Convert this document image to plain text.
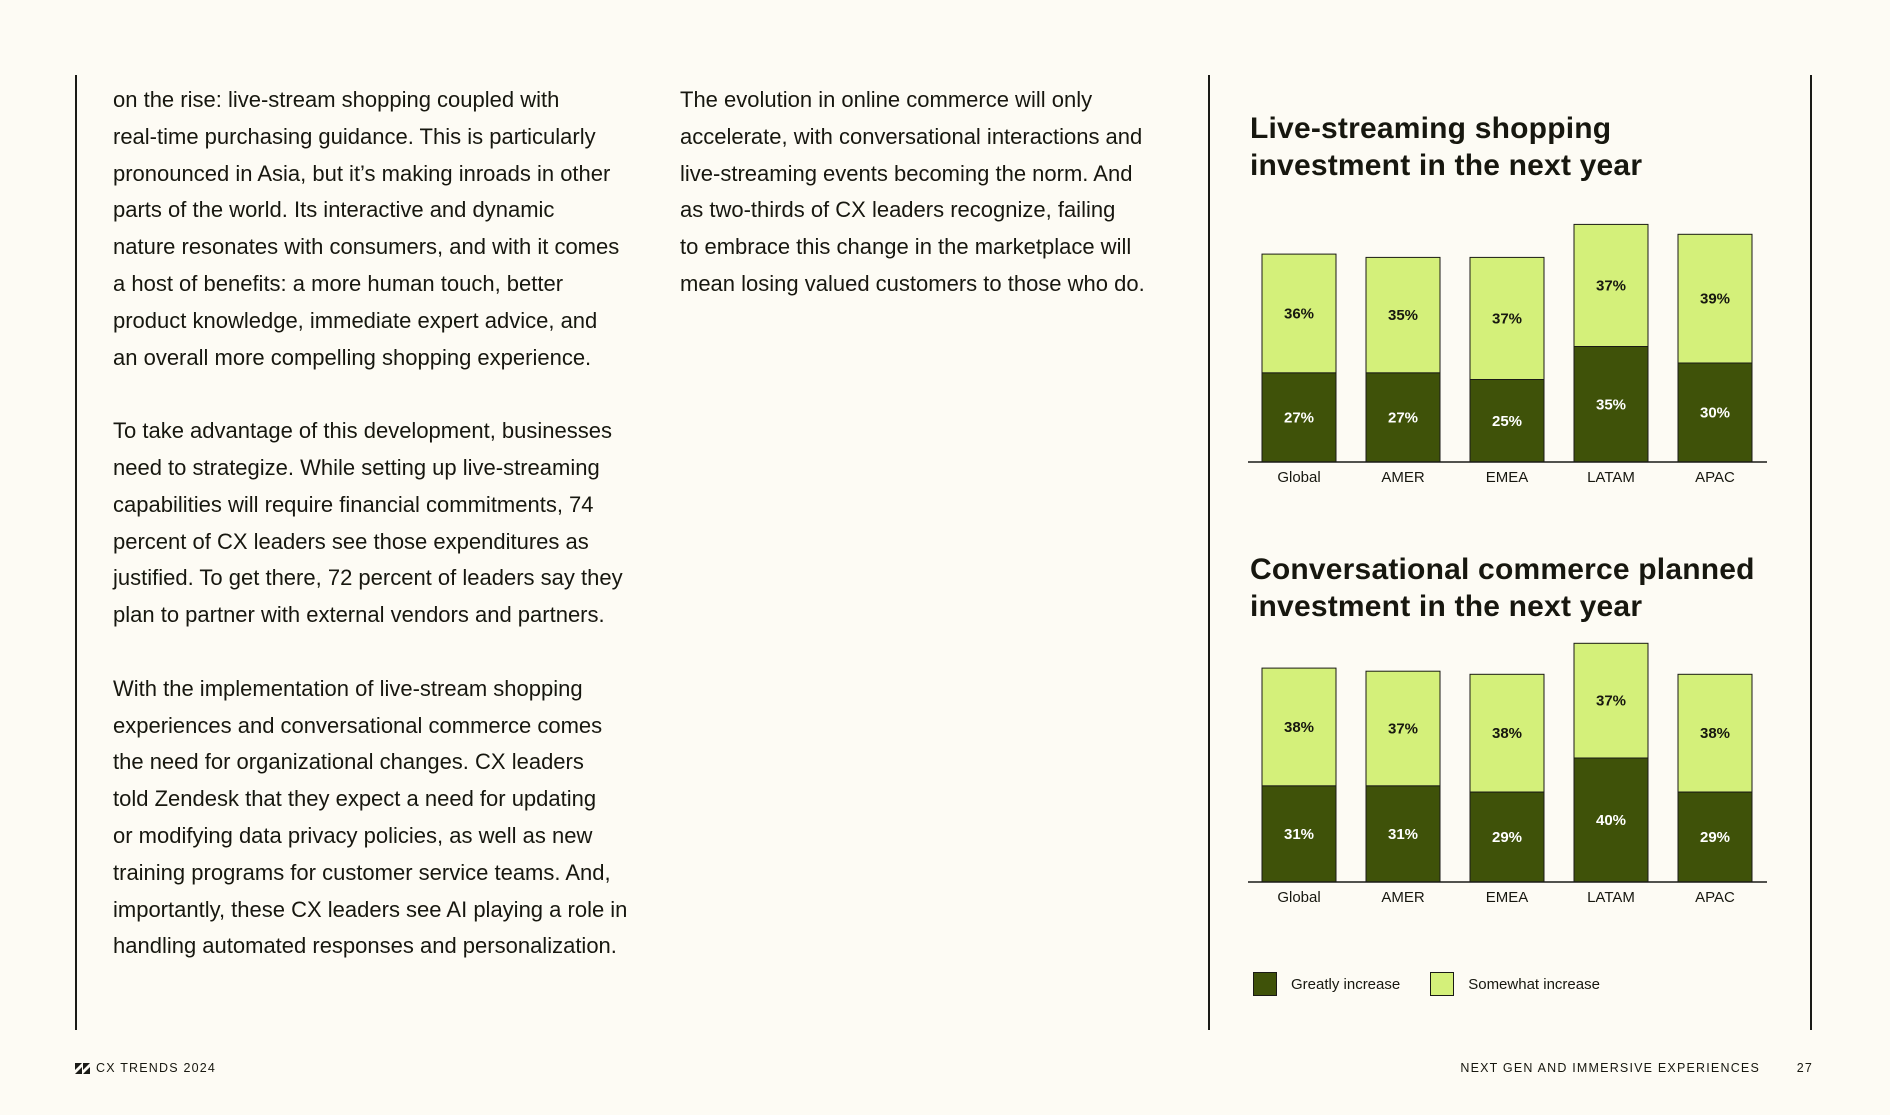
on the rise: live-stream shopping coupled with
real-time purchasing guidance. This is particularly
pronounced in Asia, but it’s making inroads in other
parts of the world. Its interactive and dynamic
nature resonates with consumers, and with it comes
a host of benefits: a more human touch, better
product knowledge, immediate expert advice, and
an overall more compelling shopping experience.

To take advantage of this development, businesses
need to strategize. While setting up live-streaming
capabilities will require financial commitments, 74
percent of CX leaders see those expenditures as
justified. To get there, 72 percent of leaders say they
plan to partner with external vendors and partners.

With the implementation of live-stream shopping
experiences and conversational commerce comes
the need for organizational changes. CX leaders
told Zendesk that they expect a need for updating
or modifying data privacy policies, as well as new
training programs for customer service teams. And,
importantly, these CX leaders see AI playing a role in
handling automated responses and personalization.

The evolution in online commerce will only
accelerate, with conversational interactions and
live-streaming events becoming the norm. And
as two-thirds of CX leaders recognize, failing
to embrace this change in the marketplace will
mean losing valued customers to those who do.

Live-streaming shopping
investment in the next year
36%
27%
Global
35%
27%
AMER
37%
25%
EMEA
37%
35%
LATAM
39%
30%
APAC
Conversational commerce planned
investment in the next year
38%
31%
Global
37%
31%
AMER
38%
29%
EMEA
37%
40%
LATAM
38%
29%
APAC
Greatly increase	Somewhat increase
CX TRENDS 2024	NEXT GEN AND IMMERSIVE EXPERIENCES	27
